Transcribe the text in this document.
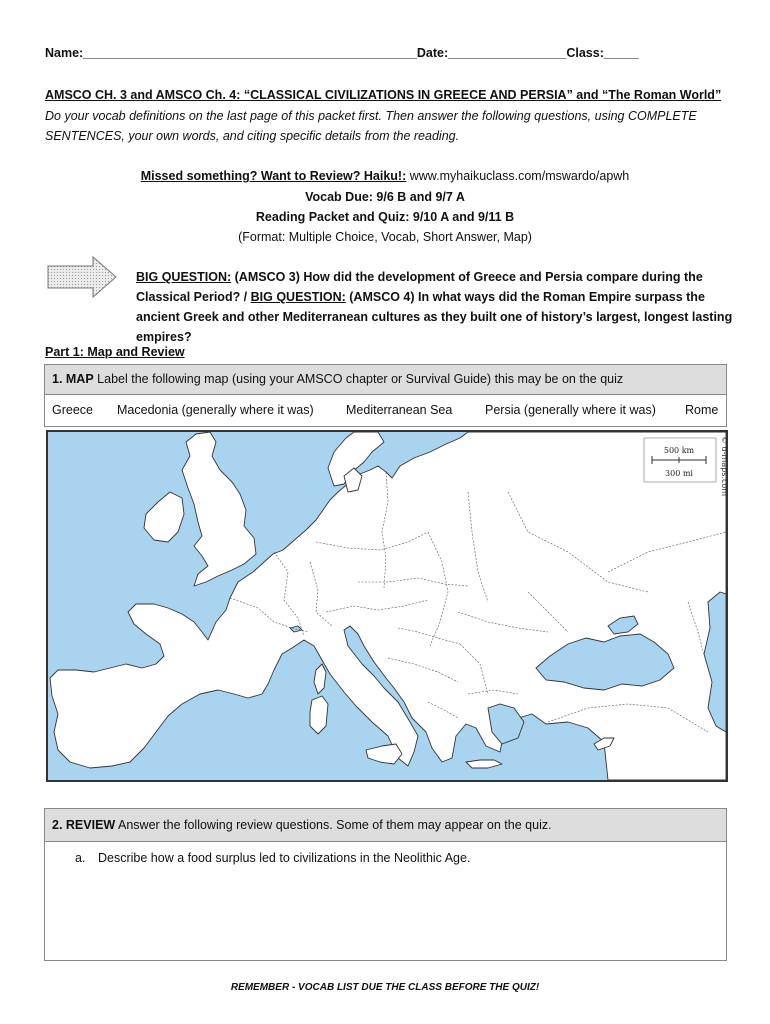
Name:________________________________________________Date:_________________Class:_____
AMSCO CH. 3 and AMSCO Ch. 4: “CLASSICAL CIVILIZATIONS IN GREECE AND PERSIA” and “The Roman World”
Do your vocab definitions on the last page of this packet first. Then answer the following questions, using COMPLETE SENTENCES, your own words, and citing specific details from the reading.
Missed something? Want to Review? Haiku!: www.myhaikuclass.com/mswardo/apwh
Vocab Due: 9/6 B and 9/7 A
Reading Packet and Quiz: 9/10 A and 9/11 B
(Format: Multiple Choice, Vocab, Short Answer, Map)
BIG QUESTION: (AMSCO 3) How did the development of Greece and Persia compare during the Classical Period? / BIG QUESTION: (AMSCO 4) In what ways did the Roman Empire surpass the ancient Greek and other Mediterranean cultures as they built one of history’s largest, longest lasting empires?
Part 1: Map and Review
1. MAP Label the following map (using your AMSCO chapter or Survival Guide) this may be on the quiz
Greece Macedonia (generally where it was)	Mediterranean Sea	Persia (generally where it was) Rome
500 km
300 mi	© d-maps.com
2. REVIEW Answer the following review questions. Some of them may appear on the quiz.
a. Describe how a food surplus led to civilizations in the Neolithic Age.
REMEMBER - VOCAB LIST DUE THE CLASS BEFORE THE QUIZ!
